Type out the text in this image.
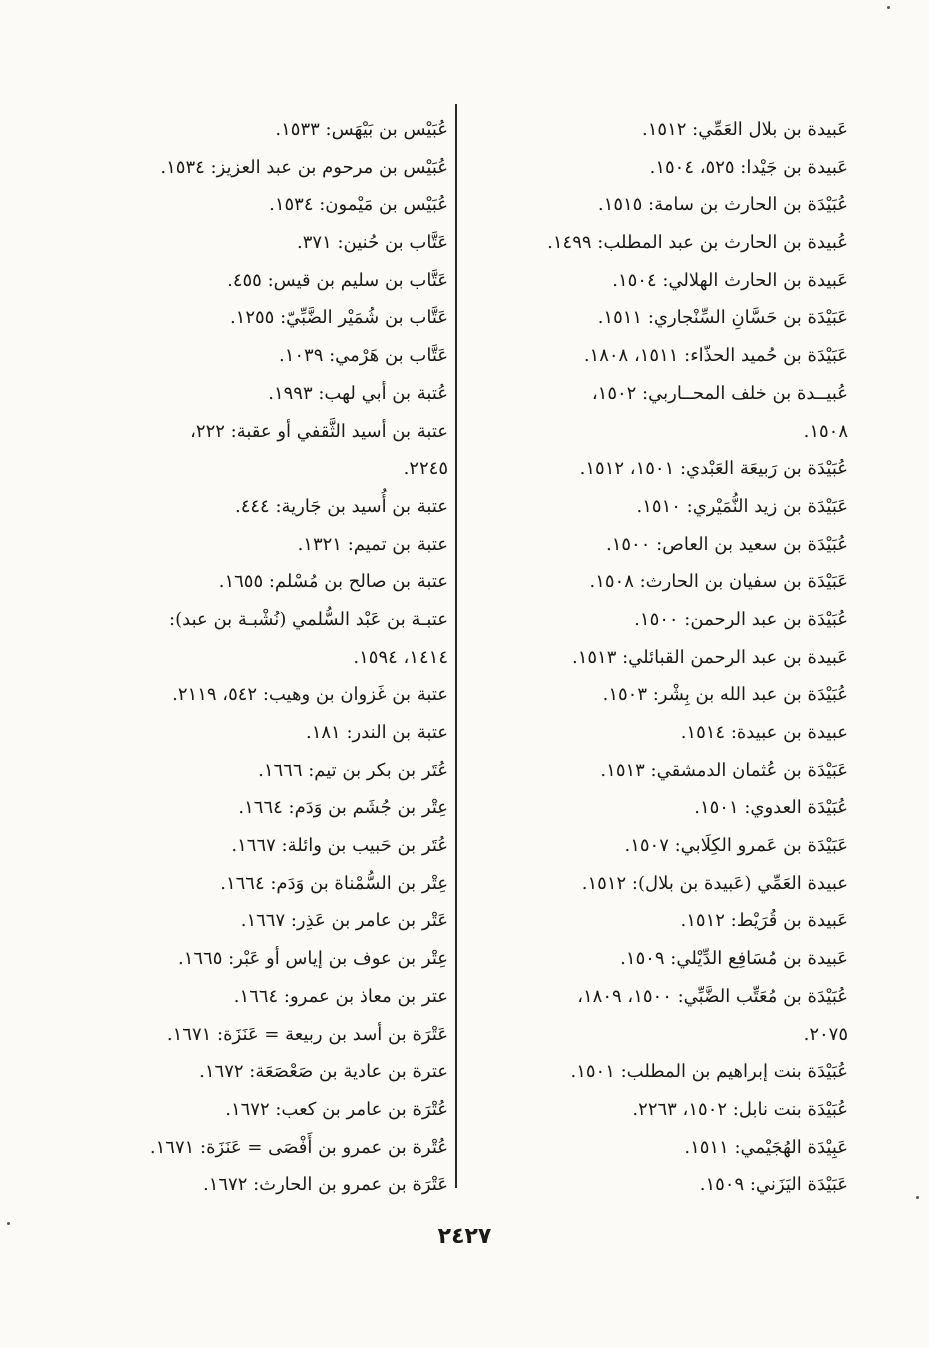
عَبيدة بن بلال العَمِّي: ١٥١٢.
عَبيدة بن جَيْدا: ٥٢٥، ١٥٠٤.
عُبَيْدَة بن الحارث بن سامة: ١٥١٥.
عُبيدة بن الحارث بن عبد المطلب: ١٤٩٩.
عَبيدة بن الحارث الهلالي: ١٥٠٤.
عَبَيْدَة بن حَسَّانِ السِّنْجاري: ١٥١١.
عَبَيْدَة بن حُميد الحذّاء: ١٥١١، ١٨٠٨.
عُبيــدة بن خلف المحــاربي: ١٥٠٢،
١٥٠٨.
عُبَيْدَة بن رَبيعَة العَبْدي: ١٥٠١، ١٥١٢.
عَبَيْدَة بن زيد النُّمَيْري: ١٥١٠.
عُبَيْدَة بن سعيد بن العاص: ١٥٠٠.
عَبَيْدَة بن سفيان بن الحارث: ١٥٠٨.
عُبَيْدَة بن عبد الرحمن: ١٥٠٠.
عَبيدة بن عبد الرحمن القبائلي: ١٥١٣.
عُبَيْدَة بن عبد الله بن بِشْر: ١٥٠٣.
عبيدة بن عبيدة: ١٥١٤.
عَبَيْدَة بن عُثمان الدمشقي: ١٥١٣.
عُبَيْدَة العدوي: ١٥٠١.
عَبَيْدَة بن عَمرو الكِلَابي: ١٥٠٧.
عبيدة العَمِّي (عَبيدة بن بلال): ١٥١٢.
عَبيدة بن قُرَيْط: ١٥١٢.
عَبيدة بن مُسَافِع الدِّيْلي: ١٥٠٩.
عُبَيْدَة بن مُعَتِّب الضَّبِّي: ١٥٠٠، ١٨٠٩،
٢٠٧٥.
عُبَيْدَة بنت إبراهيم بن المطلب: ١٥٠١.
عُبَيْدَة بنت نابل: ١٥٠٢، ٢٢٦٣.
عَبِيْدَة الهُجَيْمي: ١٥١١.
عَبَيْدَة اليَزَني: ١٥٠٩.
عُبَيْس بن بَيْهَس: ١٥٣٣.
عُبَيْس بن مرحوم بن عبد العزيز: ١٥٣٤.
عُبَيْس بن مَيْمون: ١٥٣٤.
عَتَّاب بن حُنين: ٣٧١.
عَتَّاب بن سليم بن قيس: ٤٥٥.
عَتَّاب بن شُمَيْر الضَّبِّيّ: ١٢٥٥.
عَتَّاب بن هَرْمي: ١٠٣٩.
عُتبة بن أبي لهب: ١٩٩٣.
عتبة بن أسيد الثَّقفي أو عقبة: ٢٢٢،
٢٢٤٥.
عتبة بن أُسيد بن جَارية: ٤٤٤.
عتبة بن تميم: ١٣٢١.
عتبة بن صالح بن مُسْلم: ١٦٥٥.
عتبـة بن عَبْد السُّلمي (نُشْبـة بن عبد):
١٤١٤، ١٥٩٤.
عتبة بن غَزوان بن وهيب: ٥٤٢، ٢١١٩.
عتبة بن الندر: ١٨١.
عُتَر بن بكر بن تيم: ١٦٦٦.
عِتْر بن جُشَم بن وَدَم: ١٦٦٤.
عُتَر بن حَبيب بن وائلة: ١٦٦٧.
عِتْر بن السُّمْناة بن وَدَم: ١٦٦٤.
عَتْر بن عامر بن عَذِر: ١٦٦٧.
عِتْر بن عوف بن إياس أو عَبْر: ١٦٦٥.
عتر بن معاذ بن عمرو: ١٦٦٤.
عَتْرَة بن أسد بن ربيعة = عَنَزَة: ١٦٧١.
عترة بن عادية بن صَعْصَعَة: ١٦٧٢.
عُتْرَة بن عامر بن كعب: ١٦٧٢.
عُتْرة بن عمرو بن أَفْصَى = عَنَزَة: ١٦٧١.
عَتْرَة بن عمرو بن الحارث: ١٦٧٢.
٢٤٢٧
